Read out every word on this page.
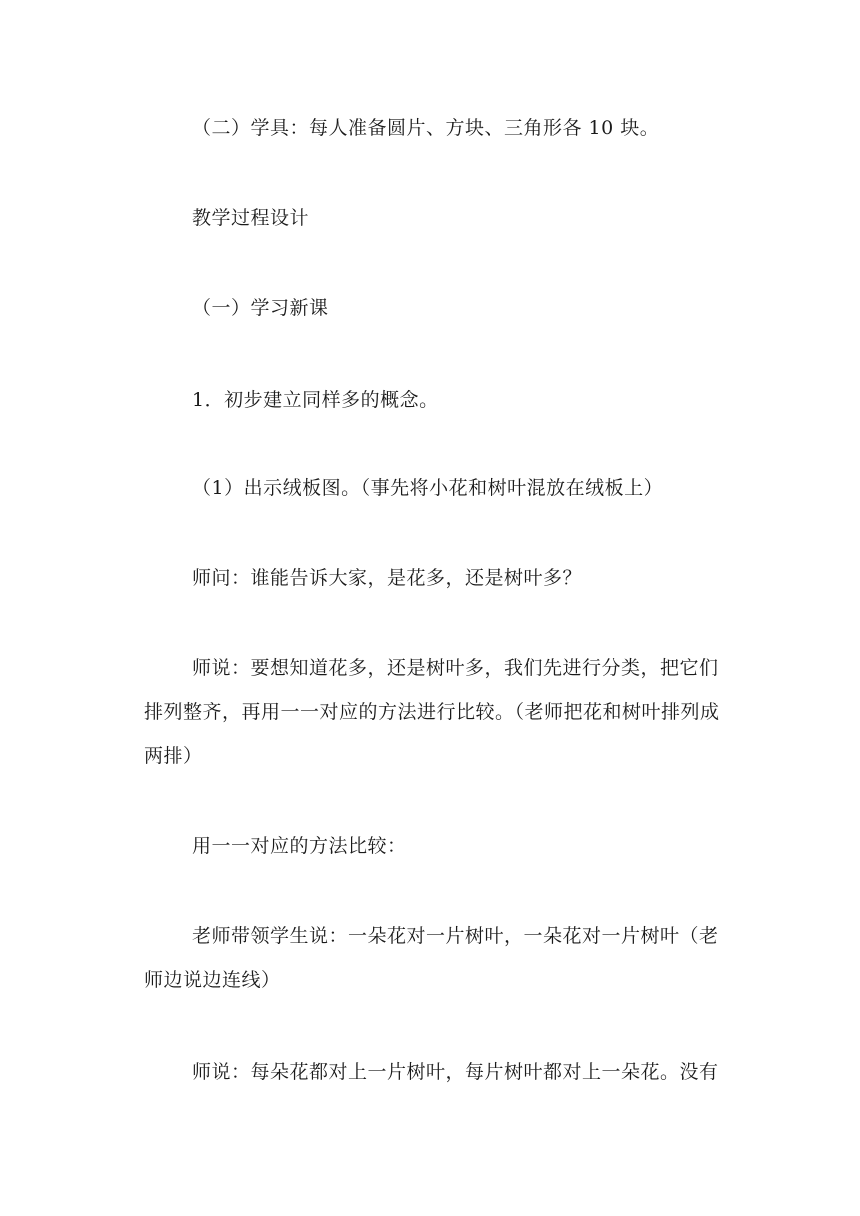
（二）学具：每人准备圆片、方块、三角形各 10 块。

教学过程设计

（一）学习新课

1．初步建立同样多的概念。

（1）出示绒板图。（事先将小花和树叶混放在绒板上）

师问：谁能告诉大家，是花多，还是树叶多？

师说：要想知道花多，还是树叶多，我们先进行分类，把它们排列整齐，再用一一对应的方法进行比较。（老师把花和树叶排列成两排）

用一一对应的方法比较：

老师带领学生说：一朵花对一片树叶，一朵花对一片树叶（老师边说边连线）

师说：每朵花都对上一片树叶，每片树叶都对上一朵花。没有
